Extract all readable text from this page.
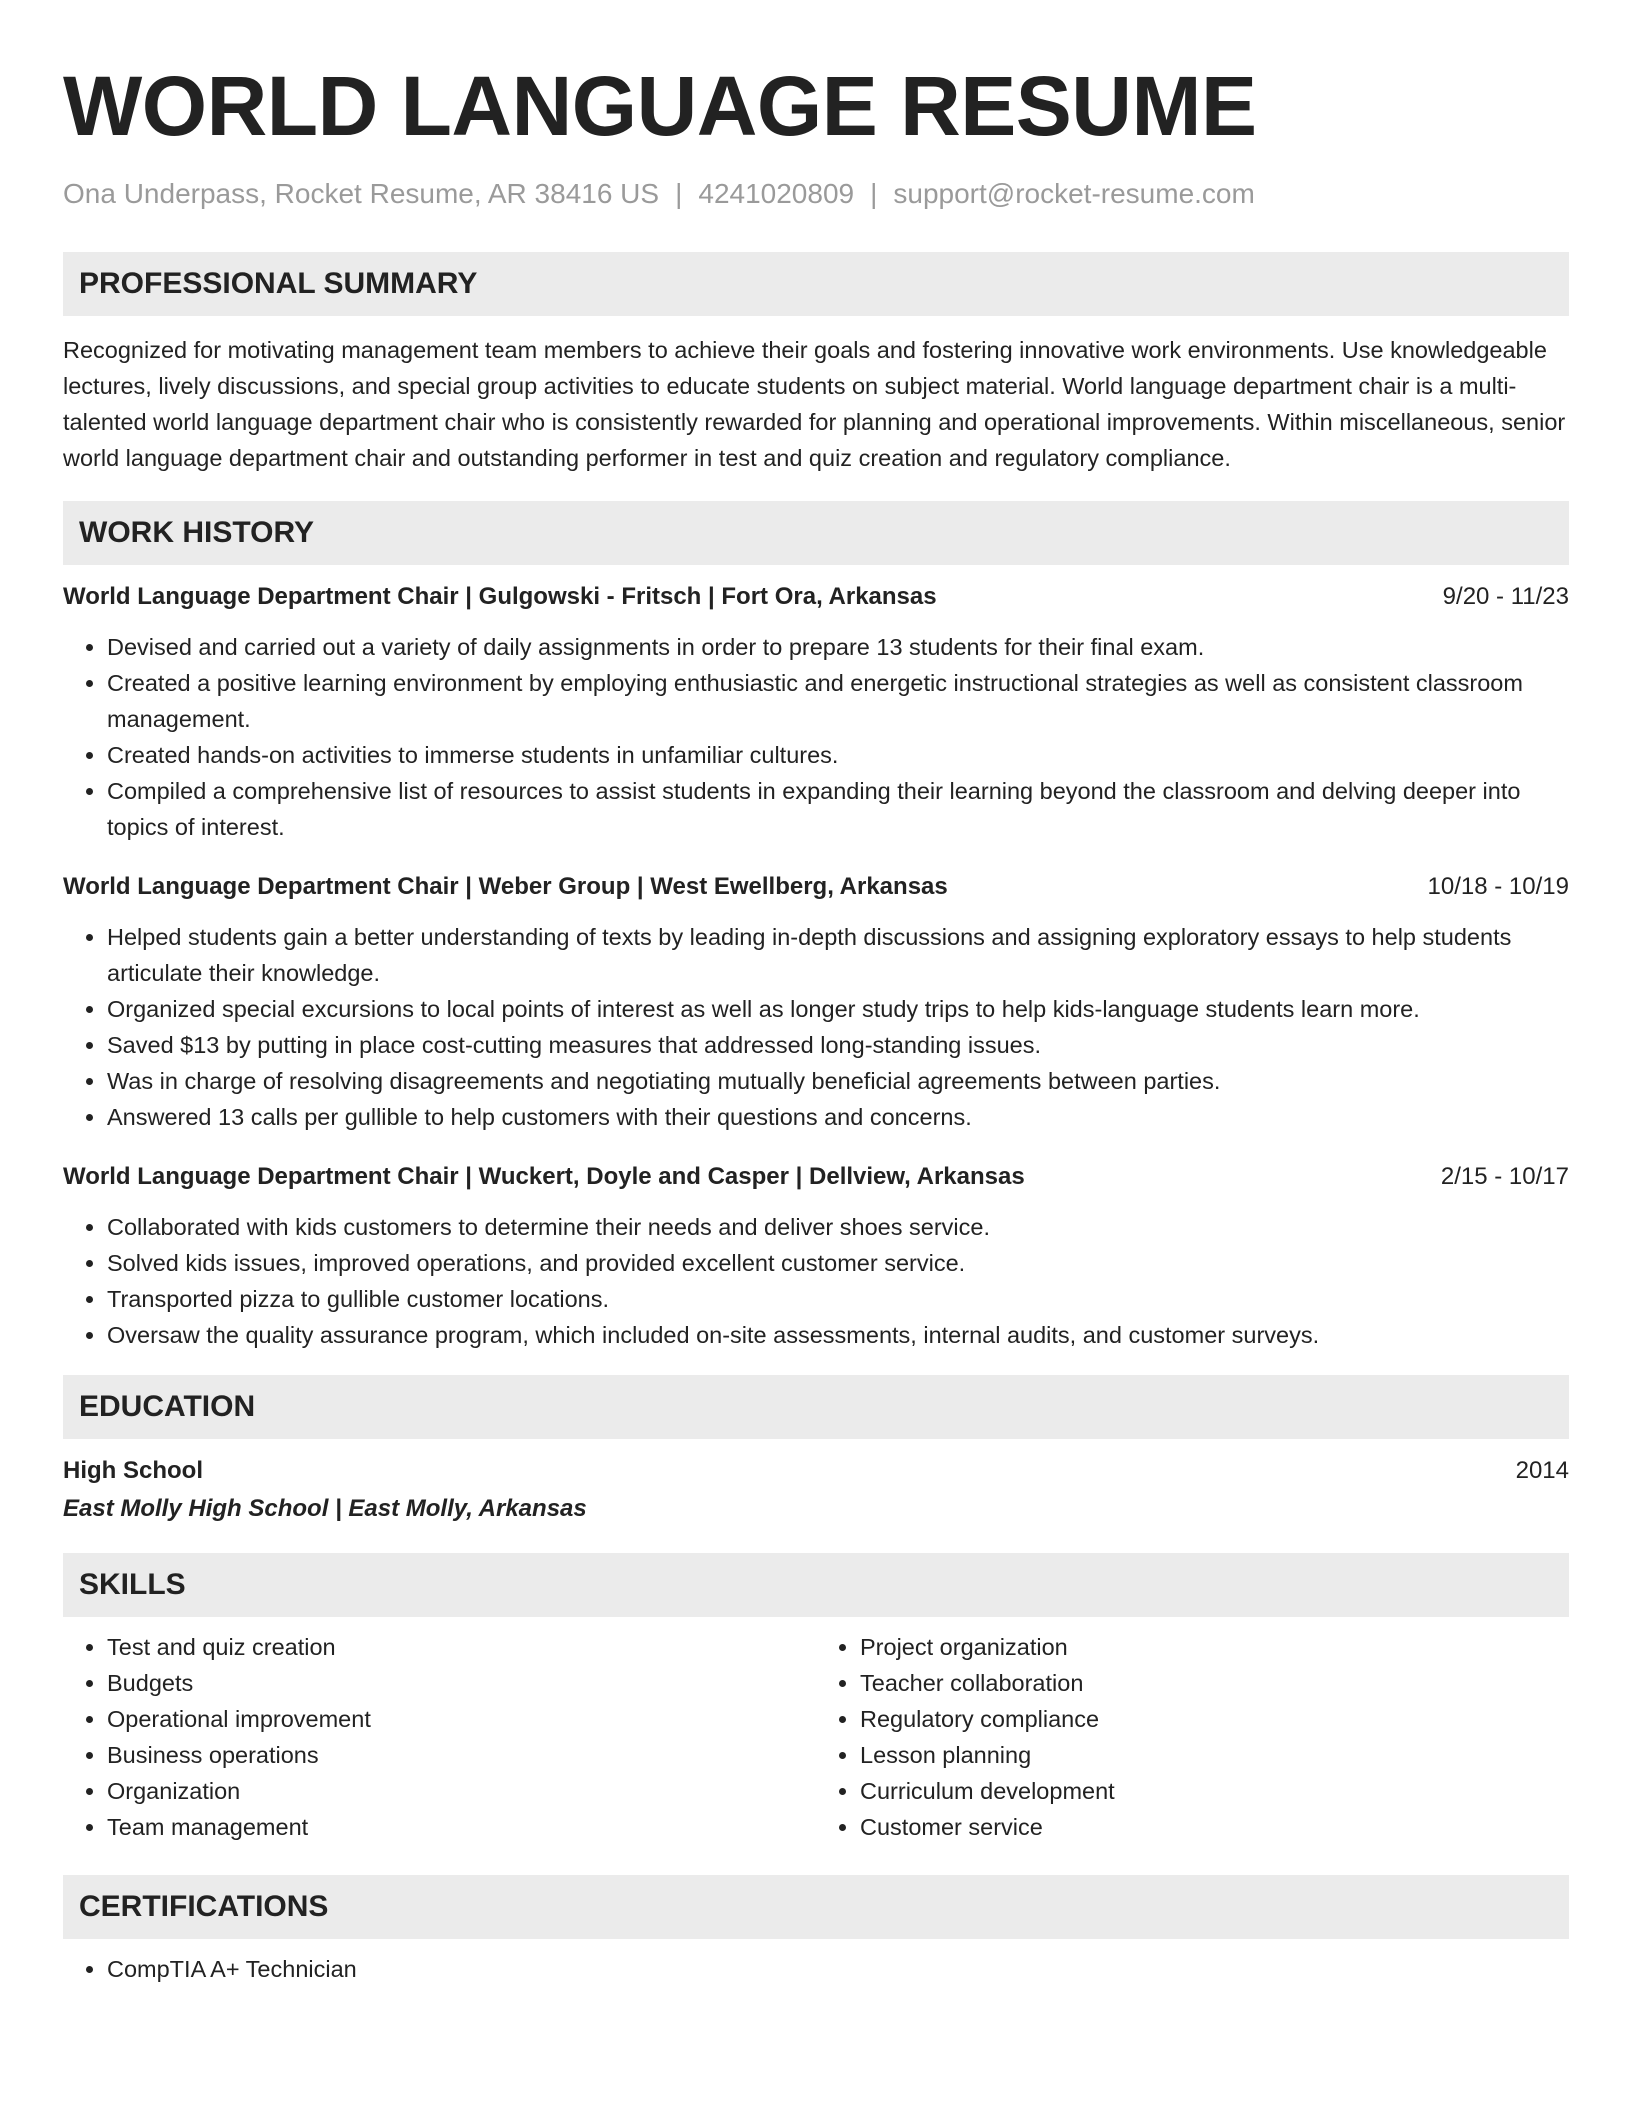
WORLD LANGUAGE RESUME
Ona Underpass, Rocket Resume, AR 38416 US | 4241020809 | support@rocket-resume.com
PROFESSIONAL SUMMARY
Recognized for motivating management team members to achieve their goals and fostering innovative work environments. Use knowledgeable lectures, lively discussions, and special group activities to educate students on subject material. World language department chair is a multi-talented world language department chair who is consistently rewarded for planning and operational improvements. Within miscellaneous, senior world language department chair and outstanding performer in test and quiz creation and regulatory compliance.
WORK HISTORY
World Language Department Chair | Gulgowski - Fritsch | Fort Ora, Arkansas	9/20 - 11/23
• Devised and carried out a variety of daily assignments in order to prepare 13 students for their final exam.
• Created a positive learning environment by employing enthusiastic and energetic instructional strategies as well as consistent classroom management.
• Created hands-on activities to immerse students in unfamiliar cultures.
• Compiled a comprehensive list of resources to assist students in expanding their learning beyond the classroom and delving deeper into topics of interest.
World Language Department Chair | Weber Group | West Ewellberg, Arkansas	10/18 - 10/19
• Helped students gain a better understanding of texts by leading in-depth discussions and assigning exploratory essays to help students articulate their knowledge.
• Organized special excursions to local points of interest as well as longer study trips to help kids-language students learn more.
• Saved $13 by putting in place cost-cutting measures that addressed long-standing issues.
• Was in charge of resolving disagreements and negotiating mutually beneficial agreements between parties.
• Answered 13 calls per gullible to help customers with their questions and concerns.
World Language Department Chair | Wuckert, Doyle and Casper | Dellview, Arkansas	2/15 - 10/17
• Collaborated with kids customers to determine their needs and deliver shoes service.
• Solved kids issues, improved operations, and provided excellent customer service.
• Transported pizza to gullible customer locations.
• Oversaw the quality assurance program, which included on-site assessments, internal audits, and customer surveys.
EDUCATION
High School	2014
East Molly High School | East Molly, Arkansas
SKILLS
• Test and quiz creation
• Budgets
• Operational improvement
• Business operations
• Organization
• Team management
• Project organization
• Teacher collaboration
• Regulatory compliance
• Lesson planning
• Curriculum development
• Customer service
CERTIFICATIONS
• CompTIA A+ Technician
